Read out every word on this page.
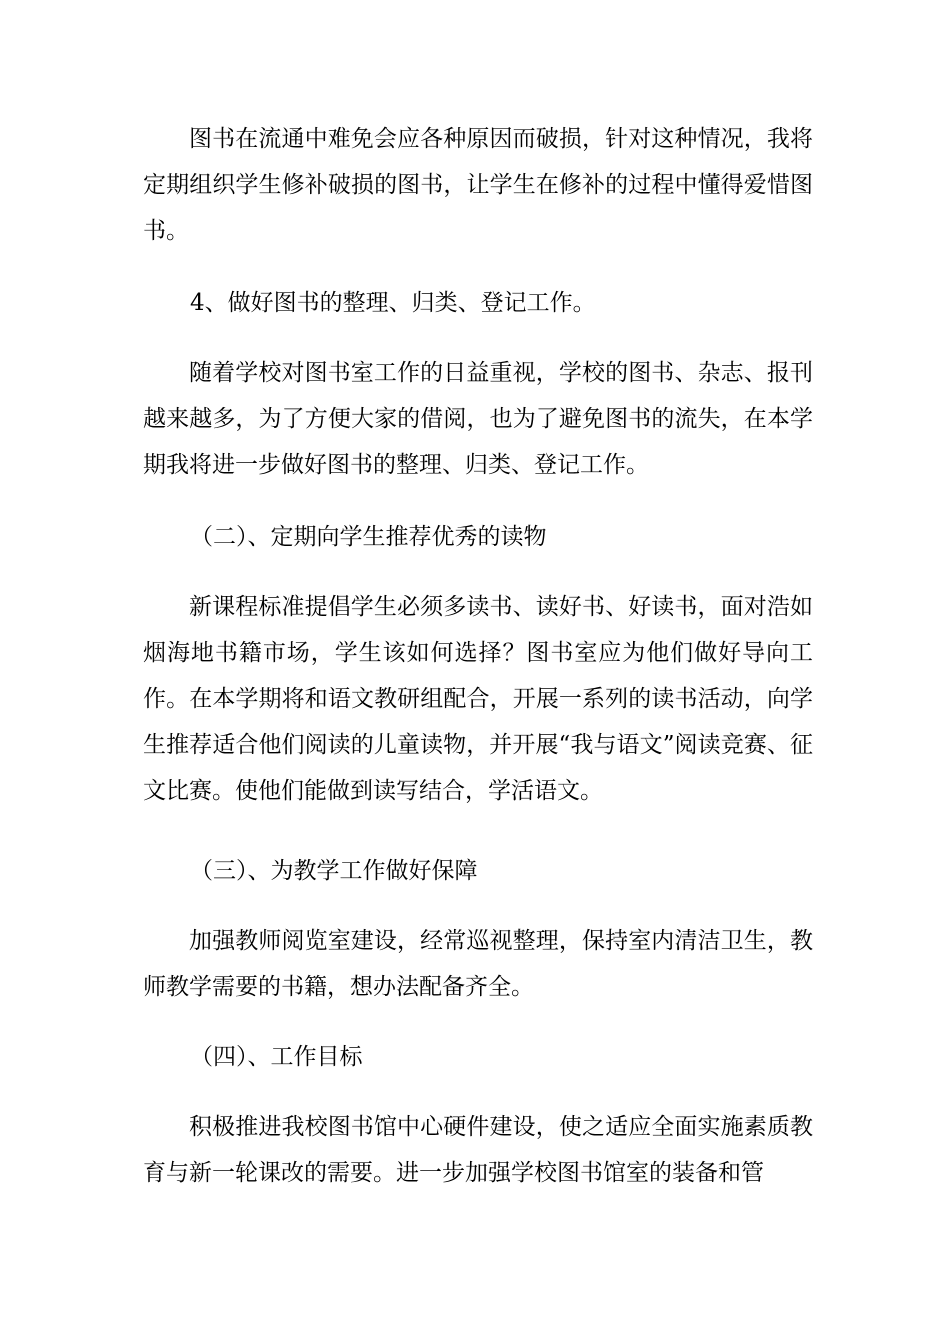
图书在流通中难免会应各种原因而破损，针对这种情况，我将定期组织学生修补破损的图书，让学生在修补的过程中懂得爱惜图书。

4、做好图书的整理、归类、登记工作。

随着学校对图书室工作的日益重视，学校的图书、杂志、报刊越来越多，为了方便大家的借阅，也为了避免图书的流失，在本学期我将进一步做好图书的整理、归类、登记工作。

（二）、定期向学生推荐优秀的读物

新课程标准提倡学生必须多读书、读好书、好读书，面对浩如烟海地书籍市场，学生该如何选择？图书室应为他们做好导向工作。在本学期将和语文教研组配合，开展一系列的读书活动，向学生推荐适合他们阅读的儿童读物，并开展“我与语文”阅读竞赛、征文比赛。使他们能做到读写结合，学活语文。

（三）、为教学工作做好保障

加强教师阅览室建设，经常巡视整理，保持室内清洁卫生，教师教学需要的书籍，想办法配备齐全。

（四）、工作目标

积极推进我校图书馆中心硬件建设，使之适应全面实施素质教育与新一轮课改的需要。进一步加强学校图书馆室的装备和管
